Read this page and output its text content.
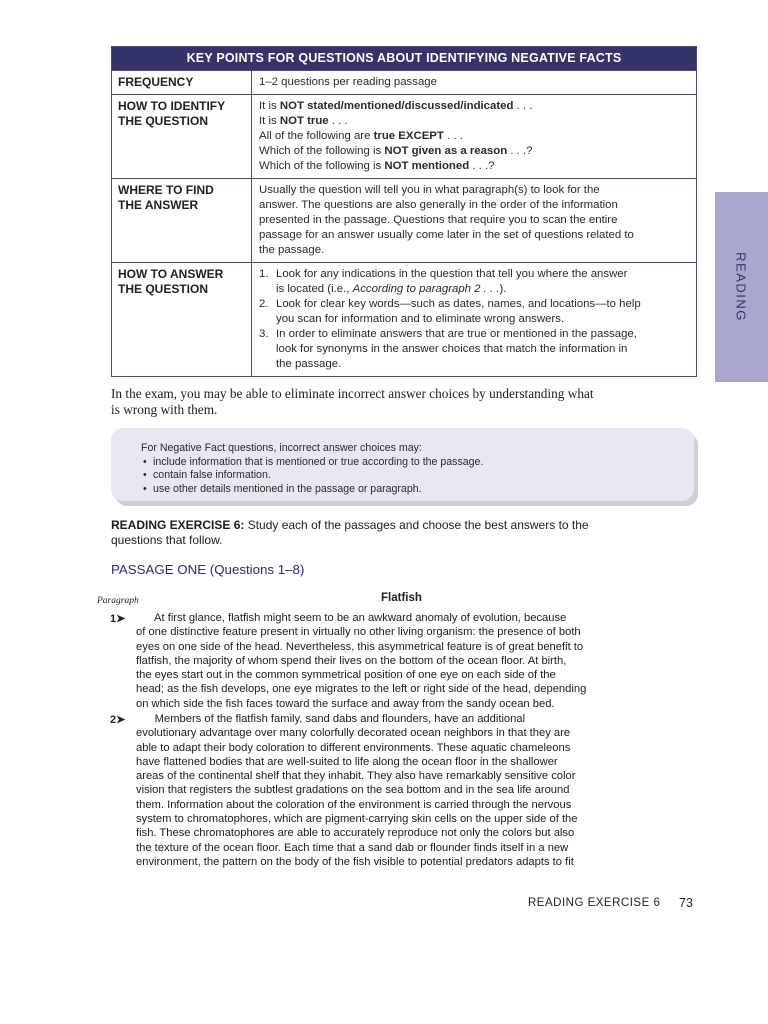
KEY POINTS FOR QUESTIONS ABOUT IDENTIFYING NEGATIVE FACTS
FREQUENCY	1–2 questions per reading passage
HOW TO IDENTIFY
THE QUESTION
It is NOT stated/mentioned/discussed/indicated . . .
It is NOT true . . .
All of the following are true EXCEPT . . .
Which of the following is NOT given as a reason . . .?
Which of the following is NOT mentioned . . .?
WHERE TO FIND
THE ANSWER
Usually the question will tell you in what paragraph(s) to look for the
answer. The questions are also generally in the order of the information
presented in the passage. Questions that require you to scan the entire
passage for an answer usually come later in the set of questions related to
the passage.
HOW TO ANSWER
THE QUESTION
1. Look for any indications in the question that tell you where the answer
is located (i.e., According to paragraph 2 . . .).
2. Look for clear key words—such as dates, names, and locations—to help
you scan for information and to eliminate wrong answers.
3. In order to eliminate answers that are true or mentioned in the passage,
look for synonyms in the answer choices that match the information in
the passage.
READING
In the exam, you may be able to eliminate incorrect answer choices by understanding what
is wrong with them.
For Negative Fact questions, incorrect answer choices may:
• include information that is mentioned or true according to the passage.
• contain false information.
• use other details mentioned in the passage or paragraph.
READING EXERCISE 6: Study each of the passages and choose the best answers to the
questions that follow.
PASSAGE ONE (Questions 1–8)
Paragraph	Flatfish
1➤ At first glance, flatfish might seem to be an awkward anomaly of evolution, because
of one distinctive feature present in virtually no other living organism: the presence of both
eyes on one side of the head. Nevertheless, this asymmetrical feature is of great benefit to
flatfish, the majority of whom spend their lives on the bottom of the ocean floor. At birth,
the eyes start out in the common symmetrical position of one eye on each side of the
head; as the fish develops, one eye migrates to the left or right side of the head, depending
on which side the fish faces toward the surface and away from the sandy ocean bed.
2➤ Members of the flatfish family, sand dabs and flounders, have an additional
evolutionary advantage over many colorfully decorated ocean neighbors in that they are
able to adapt their body coloration to different environments. These aquatic chameleons
have flattened bodies that are well-suited to life along the ocean floor in the shallower
areas of the continental shelf that they inhabit. They also have remarkably sensitive color
vision that registers the subtlest gradations on the sea bottom and in the sea life around
them. Information about the coloration of the environment is carried through the nervous
system to chromatophores, which are pigment-carrying skin cells on the upper side of the
fish. These chromatophores are able to accurately reproduce not only the colors but also
the texture of the ocean floor. Each time that a sand dab or flounder finds itself in a new
environment, the pattern on the body of the fish visible to potential predators adapts to fit
READING EXERCISE 6 73
